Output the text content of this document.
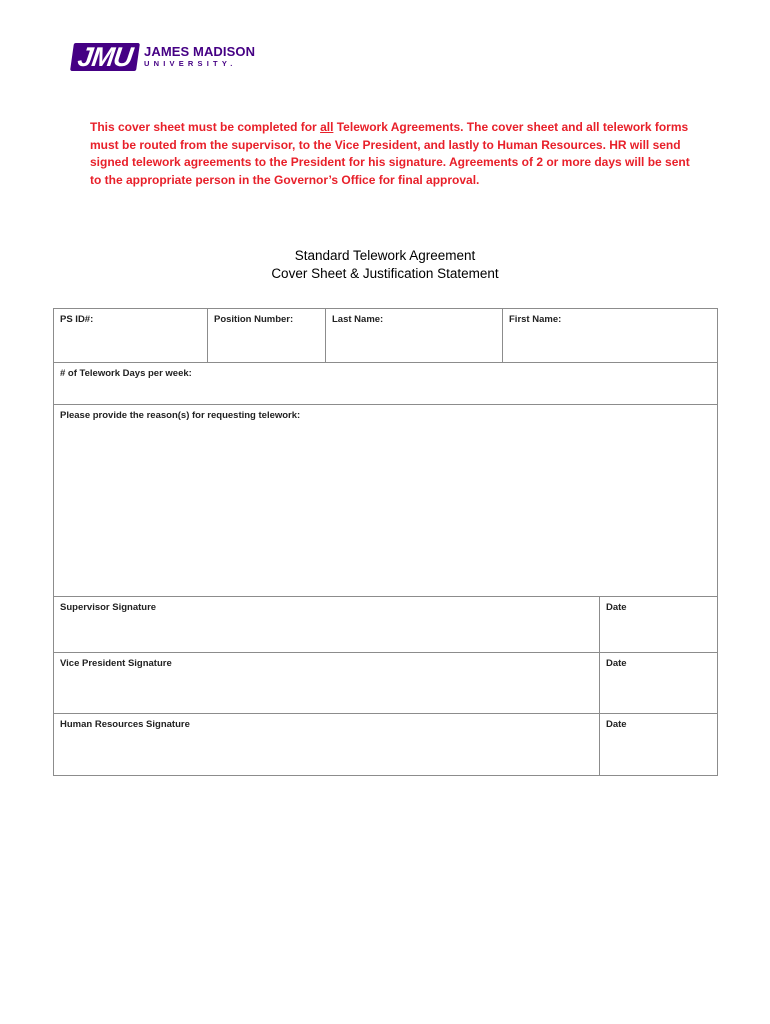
JMU JAMES MADISON
UNIVERSITY.
This cover sheet must be completed for all Telework Agreements. The cover sheet and all telework forms must be routed from the supervisor, to the Vice President, and lastly to Human Resources. HR will send signed telework agreements to the President for his signature. Agreements of 2 or more days will be sent to the appropriate person in the Governor’s Office for final approval.
Standard Telework Agreement
Cover Sheet & Justification Statement
PS ID#:	Position Number:	Last Name:	First Name:	

# of Telework Days per week:				

Please provide the reason(s) for requesting telework:				

Supervisor Signature				Date

Vice President Signature				Date

Human Resources Signature				Date
